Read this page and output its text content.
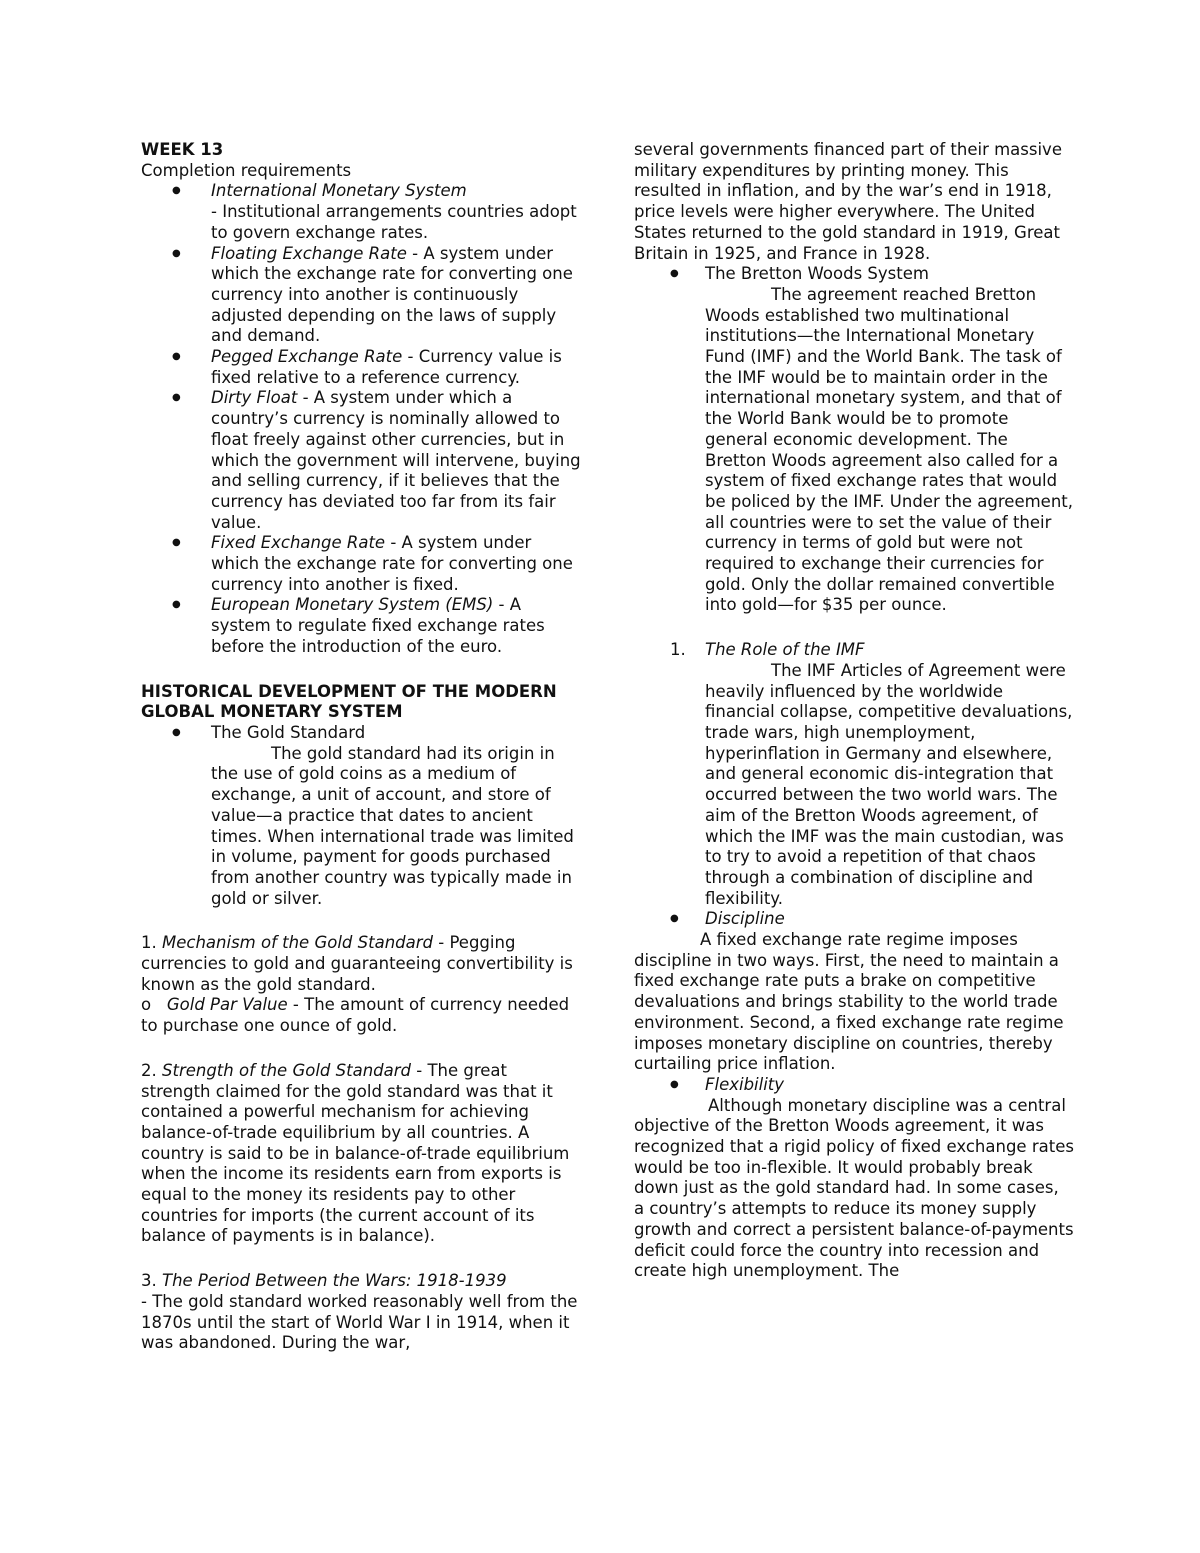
WEEK 13

Completion requirements

● International Monetary System
- Institutional arrangements countries adopt to govern exchange rates.
● Floating Exchange Rate - A system under which the exchange rate for converting one currency into another is continuously adjusted depending on the laws of supply and demand.
● Pegged Exchange Rate - Currency value is fixed relative to a reference currency.
● Dirty Float - A system under which a country’s currency is nominally allowed to float freely against other currencies, but in which the government will intervene, buying and selling currency, if it believes that the currency has deviated too far from its fair value.
● Fixed Exchange Rate - A system under which the exchange rate for converting one currency into another is fixed.
● European Monetary System (EMS) - A system to regulate fixed exchange rates before the introduction of the euro.
HISTORICAL DEVELOPMENT OF THE MODERN GLOBAL MONETARY SYSTEM
● The Gold Standard
The gold standard had its origin in the use of gold coins as a medium of exchange, a unit of account, and store of value—a practice that dates to ancient times. When international trade was limited in volume, payment for goods purchased from another country was typically made in gold or silver.

1. Mechanism of the Gold Standard - Pegging currencies to gold and guaranteeing convertibility is known as the gold standard.

o Gold Par Value - The amount of currency needed to purchase one ounce of gold.

2. Strength of the Gold Standard - The great strength claimed for the gold standard was that it contained a powerful mechanism for achieving balance-of-trade equilibrium by all countries. A country is said to be in balance-of-trade equilibrium when the income its residents earn from exports is equal to the money its residents pay to other countries for imports (the current account of its balance of payments is in balance).

3. The Period Between the Wars: 1918-1939
- The gold standard worked reasonably well from the 1870s until the start of World War I in 1914, when it was abandoned. During the war,

several governments financed part of their massive military expenditures by printing money. This resulted in inflation, and by the war’s end in 1918, price levels were higher everywhere. The United States returned to the gold standard in 1919, Great Britain in 1925, and France in 1928.

● The Bretton Woods System
The agreement reached Bretton Woods established two multinational institutions—the International Monetary Fund (IMF) and the World Bank. The task of the IMF would be to maintain order in the international monetary system, and that of the World Bank would be to promote general economic development. The Bretton Woods agreement also called for a system of fixed exchange rates that would be policed by the IMF. Under the agreement, all countries were to set the value of their currency in terms of gold but were not required to exchange their currencies for gold. Only the dollar remained convertible into gold—for $35 per ounce.
1. The Role of the IMF
The IMF Articles of Agreement were heavily influenced by the worldwide financial collapse, competitive devaluations, trade wars, high unemployment, hyperinflation in Germany and elsewhere, and general economic dis-integration that occurred between the two world wars. The aim of the Bretton Woods agreement, of which the IMF was the main custodian, was to try to avoid a repetition of that chaos through a combination of discipline and flexibility.
● Discipline

A fixed exchange rate regime imposes discipline in two ways. First, the need to maintain a fixed exchange rate puts a brake on competitive devaluations and brings stability to the world trade environment. Second, a fixed exchange rate regime imposes monetary discipline on countries, thereby curtailing price inflation.

● Flexibility

Although monetary discipline was a central objective of the Bretton Woods agreement, it was recognized that a rigid policy of fixed exchange rates would be too in-flexible. It would probably break down just as the gold standard had. In some cases, a country’s attempts to reduce its money supply growth and correct a persistent balance-of-payments deficit could force the country into recession and create high unemployment. The
